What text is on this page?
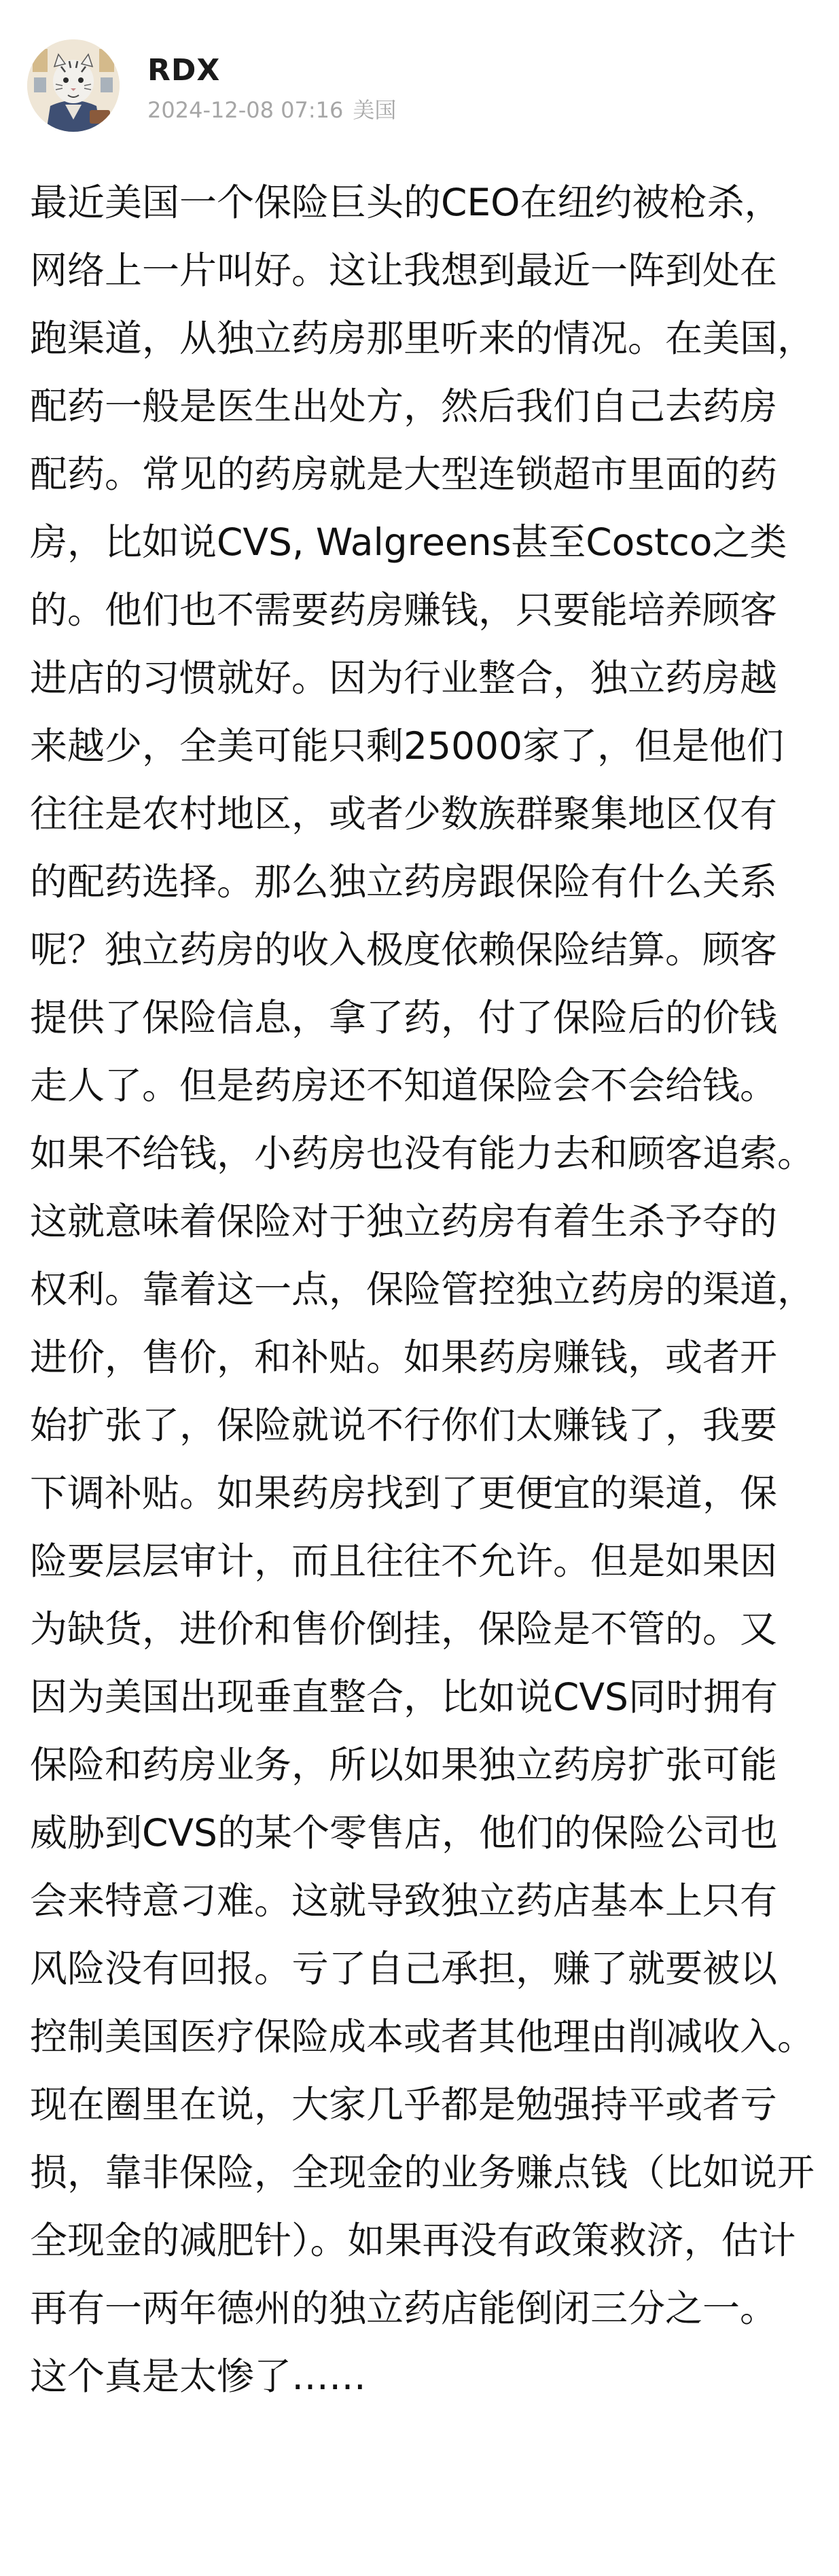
RDX
2024-12-08 07:16 美国
最近美国一个保险巨头的CEO在纽约被枪杀，
网络上一片叫好。这让我想到最近一阵到处在
跑渠道，从独立药房那里听来的情况。在美国，
配药一般是医生出处方，然后我们自己去药房
配药。常见的药房就是大型连锁超市里面的药
房，比如说CVS, Walgreens甚至Costco之类
的。他们也不需要药房赚钱，只要能培养顾客
进店的习惯就好。因为行业整合，独立药房越
来越少，全美可能只剩25000家了，但是他们
往往是农村地区，或者少数族群聚集地区仅有
的配药选择。那么独立药房跟保险有什么关系
呢？独立药房的收入极度依赖保险结算。顾客
提供了保险信息，拿了药，付了保险后的价钱
走人了。但是药房还不知道保险会不会给钱。
如果不给钱，小药房也没有能力去和顾客追索。
这就意味着保险对于独立药房有着生杀予夺的
权利。靠着这一点，保险管控独立药房的渠道，
进价，售价，和补贴。如果药房赚钱，或者开
始扩张了，保险就说不行你们太赚钱了，我要
下调补贴。如果药房找到了更便宜的渠道，保
险要层层审计，而且往往不允许。但是如果因
为缺货，进价和售价倒挂，保险是不管的。又
因为美国出现垂直整合，比如说CVS同时拥有
保险和药房业务，所以如果独立药房扩张可能
威胁到CVS的某个零售店，他们的保险公司也
会来特意刁难。这就导致独立药店基本上只有
风险没有回报。亏了自己承担，赚了就要被以
控制美国医疗保险成本或者其他理由削减收入。
现在圈里在说，大家几乎都是勉强持平或者亏
损，靠非保险，全现金的业务赚点钱（比如说开
全现金的减肥针）。如果再没有政策救济，估计
再有一两年德州的独立药店能倒闭三分之一。
这个真是太惨了……
